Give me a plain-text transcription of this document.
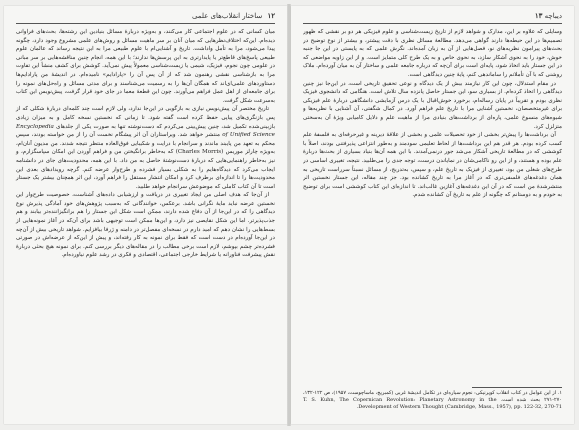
۱۲ ساختار انقلاب‌های علمی

میان کسانی که در علوم اجتماعی کار می‌کنند، و به‌ویژه دربارهٔ مسائل بنیادین این رشته‌ها، بحث‌های فراوانی دیده‌ام. این‌که اختلاف‌نظرهایی که میان آنان بر سر ماهیت مسائل و روش‌های علمی مشروع وجود دارد، چگونه پیدا می‌شود، مرا به تأمل واداشت. تاریخ و آشنایی‌ام با علوم طبیعی مرا به این نتیجه رساند که عالمان علوم طبیعی پاسخ‌های قاطع‌تر یا پایدارتری به این پرسش‌ها ندارند؛ با این همه، انجام چنین مناقشه‌هایی بر سر مبانی در علومی چون نجوم، فیزیک، شیمی یا زیست‌شناسی معمولاً پیش نمی‌آید. کوشش برای کشف منشأ این تفاوت مرا به بازشناسی نقشی رهنمون شد که از آن پس آن را «پارادایم» نامیده‌ام. در اندیشهٔ من پارادایم‌ها دستاوردهای علمی‌ای‌اند که همگان آن‌ها را به رسمیت می‌شناسند و برای مدتی مسائل و راه‌حل‌های نمونه را برای جامعه‌ای از اهل عمل فراهم می‌آورند. چون این قطعهٔ معما در جای خود قرار گرفت، پیش‌نویس این کتاب به‌سرعت شکل گرفت.

تاریخ مختصر آن پیش‌نویس نیازی به بازگویی در این‌جا ندارد، ولی لازم است چند کلمه‌ای دربارهٔ شکلی که از پس بازنگری‌های پیاپی حفظ کرده است گفته شود. تا زمانی که نخستین نسخه کامل و به میزان زیادی بازبینی‌شده تکمیل شد، چنین پیش‌بینی می‌کردم که دست‌نوشته تنها به صورت یکی از جلدهای Encyclopedia of Unified Science منتشر خواهد شد. ویراستاران آن اثر پیشگام نخست آن را از من خواسته بودند، سپس محکم به تعهد من پایبند ماندند و سرانجام با درایت و شکیبایی فوق‌العاده منتظر نتیجه شدند. من مدیون آنان‌ام، به‌ویژه چارلز موریس (Charles Morris) که به‌خاطر برانگیختن من و فراهم آوردن این امکان سپاسگزارم، و نیز به‌خاطر راهنمایی‌هایی که دربارهٔ دست‌نوشتهٔ حاصل به من داد. با این همه، محدودیت‌های جای در دانشنامه ایجاب می‌کرد که دیدگاه‌هایم را به شکلی بسیار فشرده و طرح‌وار عرضه کنم. گرچه رویدادهای بعدی این محدودیت‌ها را تا اندازه‌ای برطرف کرد و امکان انتشار مستقل را فراهم آورد، این اثر همچنان بیشتر یک جستار است تا آن کتاب کاملی که موضوعش سرانجام خواهد طلبید.

از آن‌جا که هدف اصلی من ایجاد تغییری در دریافت و ارزشیابی داده‌های آشناست، خصوصیت طرح‌وار این نخستین عرضه نباید مایهٔ نگرانی باشد. برعکس، خوانندگانی که به‌سبب پژوهش‌های خود آمادگی پذیرش نوع دیدگاهی را که در این‌جا از آن دفاع شده دارند، ممکن است شکل این جستار را هم برانگیزاننده‌تر بیابند و هم جذب‌پذیرتر. اما این شکل نقایصی نیز دارد، و این‌ها ممکن است توجیهی باشد برای آن‌که در آغاز نمونه‌هایی از بسط‌هایی را نشان دهم که امید دارم در نسخه‌ای مفصل‌تر در دامنه و ژرفا بیافزایم. شواهد تاریخی بیش از آن‌چه در این‌جا آورده‌ام در دست است که فقط برای نمونه به کار رفته‌اند، و پیش از این‌که از عرضه‌اش در صورتی فشرده‌تر چشم بپوشم، لازم است برخی مطالب را در مقاله‌های دیگر بررسی کنم. برای نمونه هیچ بحثی دربارهٔ نقش پیشرفت فناورانه یا شرایط خارجی اجتماعی، اقتصادی و فکری در رشد علوم نیاورده‌ام.

دیباچه ۱۳

وسایلی که علاوه بر این، مدارک و شواهد لازم از تاریخ زیست‌شناسی و علوم فیزیکی هر دو بر نقشی که ظهور تصمیم‌ها در این حیطه‌ها دارند گواهی می‌دهد. مطالعهٔ مسائل نظری با دقت پیشتر، و بیشتر از نوع توضیح در بحث‌های پیرامون نظریه‌های نو، فصل‌هایی از آن به زبان آمده‌اند. نگرش علمی که به پایستی در این جا جنبه خوش، خود را به نحوی آشکار سازد، به نحوی خاص و به یک طرح کلی متمایز است. و از این زاویه مواضعی که در این جستار باید اتخاذ شود، پایه‌ای است برای آن‌چه که درباره جامعه علمی و ساختار آن به میان آورده‌ام. ملاک روشنی که با آن تأملاتم را ساماندهی کنم، پایهٔ چنین دیدگاهی است.

در مقام استدلال، چون این کار نیازمند بیش از یک دیدگاه و نوعی تحقیق تاریخی است، در این‌جا نیز چنین دیدگاهی را اتخاذ کرده‌ام. از بسیاری سو، این جستار حاصل پانزده سال تلاش است. هنگامی که دانشجوی فیزیک نظری بودم و تقریباً در پایان رساله‌ام، برخورد خوش‌اقبال با یک درس آزمایشی دانشگاهی دربارهٔ علم فیزیکی برای غیرمتخصصان، نخستین آشنایی مرا با تاریخ علم فراهم آورد. در کمال شگفتی، آن آشنایی با نظریه‌ها و شیوه‌های منسوخ علمی، پاره‌ای از برداشت‌های بنیادی مرا از ماهیت علم و دلایل کامیابی ویژهٔ آن به‌سختی متزلزل کرد.

آن برداشت‌ها را پیش‌تر بخشی از خود تحصیلات علمی و بخشی از علاقهٔ دیرینه و غیرحرفه‌ای به فلسفهٔ علم کسب کرده بودم. هر قدر هم این برداشت‌ها از لحاظ تعلیمی سودمند و به‌طور انتزاعی پذیرفتنی بودند، اصلاً با کوششی که در مطالعهٔ تاریخی آشکار می‌شد جور درنمی‌آمدند. با این همه آن‌ها بنیاد بسیاری از بحث‌ها دربارهٔ علم بوده و هستند، و از این رو ناکامی‌شان در نمایاندن درست، توجه جدی را می‌طلبید. نتیجه، تغییری اساسی در طرح‌های شغلی من بود، تغییری از فیزیک به تاریخ علم، و سپس، به‌تدریج، از مسائل نسبتاً سرراست تاریخی به همان دغدغه‌های فلسفی‌تری که در آغاز مرا به تاریخ کشانده بود. جز چند مقاله، این جستار نخستین اثر منتشرشدهٔ من است که در آن این دغدغه‌های آغازین غالب‌اند. تا اندازه‌ای این کتاب کوششی است برای توضیح به خودم و به دوستانم که چگونه از علم به تاریخ آن کشانده شدم.

۱. از این عوامل در کتاب انقلاب کوپرنیکی: نجوم سیاره‌ای در تکامل اندیشهٔ غربی (کمبریج، ماساچوست، ۱۹۵۷)، ص ۱۲۲-۱۳۲، ۲۷۰-۲۷۱ بحث شده است. T. S. Kuhn, The Copernican Revolution: Planetary Astronomy in the Development of Western Thought (Cambridge, Mass., 1957), pp. 122-32, 270-71.
